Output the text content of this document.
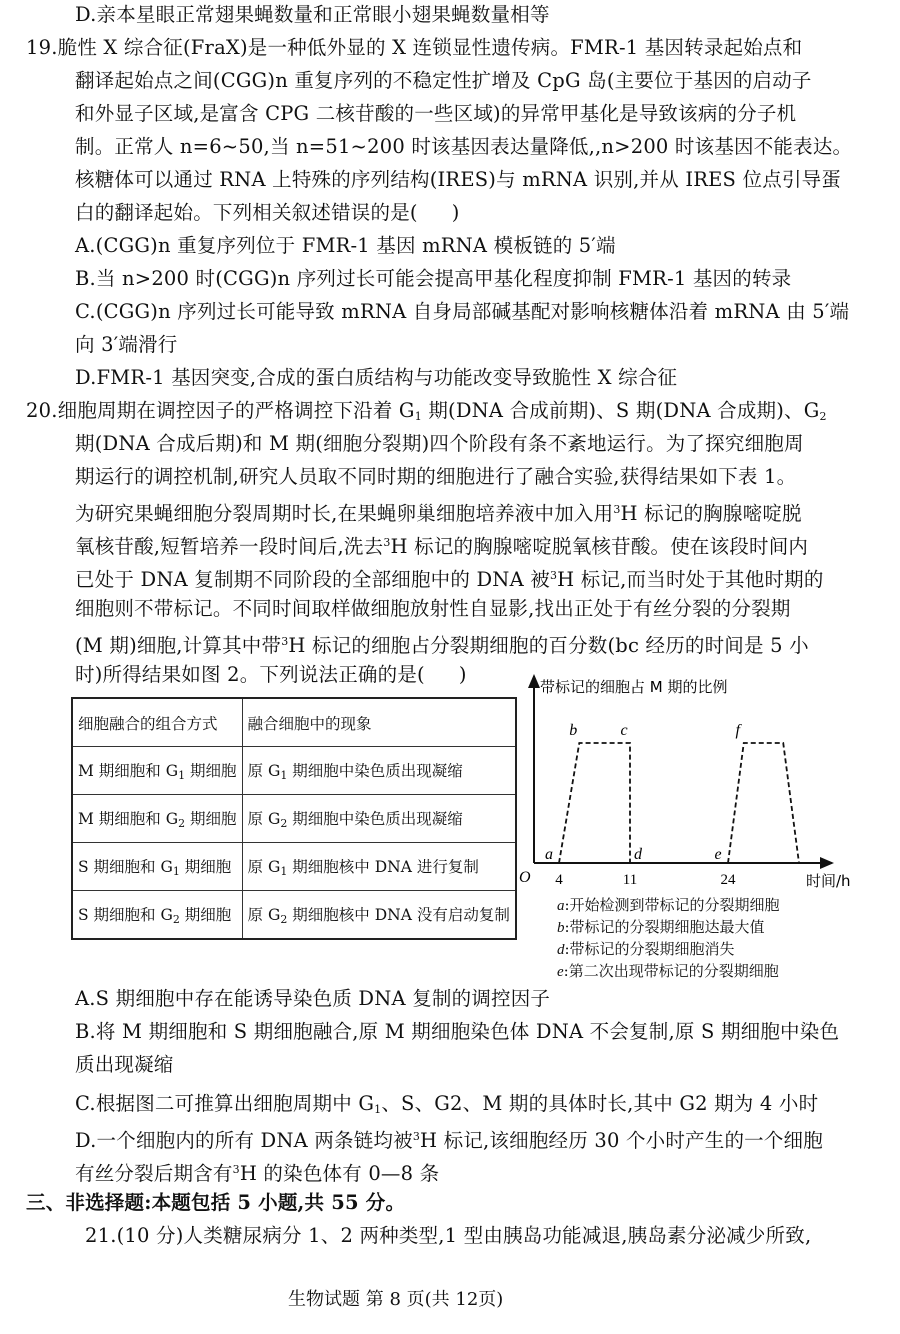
D.亲本星眼正常翅果蝇数量和正常眼小翅果蝇数量相等
19.脆性 X 综合征(FraX)是一种低外显的 X 连锁显性遗传病。FMR-1 基因转录起始点和
翻译起始点之间(CGG)n 重复序列的不稳定性扩增及 CpG 岛(主要位于基因的启动子
和外显子区域,是富含 CPG 二核苷酸的一些区域)的异常甲基化是导致该病的分子机
制。正常人 n=6~50,当 n=51~200 时该基因表达量降低,,n>200 时该基因不能表达。
核糖体可以通过 RNA 上特殊的序列结构(IRES)与 mRNA 识别,并从 IRES 位点引导蛋
白的翻译起始。下列相关叙述错误的是( )
A.(CGG)n 重复序列位于 FMR-1 基因 mRNA 模板链的 5′端
B.当 n>200 时(CGG)n 序列过长可能会提高甲基化程度抑制 FMR-1 基因的转录
C.(CGG)n 序列过长可能导致 mRNA 自身局部碱基配对影响核糖体沿着 mRNA 由 5′端
向 3′端滑行
D.FMR-1 基因突变,合成的蛋白质结构与功能改变导致脆性 X 综合征
20.细胞周期在调控因子的严格调控下沿着 $G_1$ 期(DNA 合成前期)、S 期(DNA 合成期)、$G_2$
期(DNA 合成后期)和 M 期(细胞分裂期)四个阶段有条不紊地运行。为了探究细胞周
期运行的调控机制,研究人员取不同时期的细胞进行了融合实验,获得结果如下表 1。
为研究果蝇细胞分裂周期时长,在果蝇卵巢细胞培养液中加入用$^3$H 标记的胸腺嘧啶脱
氧核苷酸,短暂培养一段时间后,洗去$^3$H 标记的胸腺嘧啶脱氧核苷酸。使在该段时间内
已处于 DNA 复制期不同阶段的全部细胞中的 DNA 被$^3$H 标记,而当时处于其他时期的
细胞则不带标记。不同时间取样做细胞放射性自显影,找出正处于有丝分裂的分裂期
(M 期)细胞,计算其中带$^3$H 标记的细胞占分裂期细胞的百分数(bc 经历的时间是 5 小
时)所得结果如图 2。下列说法正确的是( )
细胞融合的组合方式	融合细胞中的现象
M 期细胞和 $G_1$ 期细胞	原 $G_1$ 期细胞中染色质出现凝缩
M 期细胞和 $G_2$ 期细胞	原 $G_2$ 期细胞中染色质出现凝缩
S 期细胞和 $G_1$ 期细胞	原 $G_1$ 期细胞核中 DNA 进行复制
S 期细胞和 $G_2$ 期细胞	原 $G_2$ 期细胞核中 DNA 没有启动复制
带标记的细胞占 M 期的比例
时间/h
O 4	11	24
a
b	c
d	e
f
a:开始检测到带标记的分裂期细胞
b:带标记的分裂期细胞达最大值
d:带标记的分裂期细胞消失
e:第二次出现带标记的分裂期细胞
A.S 期细胞中存在能诱导染色质 DNA 复制的调控因子
B.将 M 期细胞和 S 期细胞融合,原 M 期细胞染色体 DNA 不会复制,原 S 期细胞中染色
质出现凝缩
C.根据图二可推算出细胞周期中 $G_1$、S、G2、M 期的具体时长,其中 G2 期为 4 小时
D.一个细胞内的所有 DNA 两条链均被$^3$H 标记,该细胞经历 30 个小时产生的一个细胞
有丝分裂后期含有$^3$H 的染色体有 0—8 条
三、非选择题:本题包括 5 小题,共 55 分。
21.(10 分)人类糖尿病分 1、2 两种类型,1 型由胰岛功能减退,胰岛素分泌减少所致,
生物试题 第 8 页(共 12页)
